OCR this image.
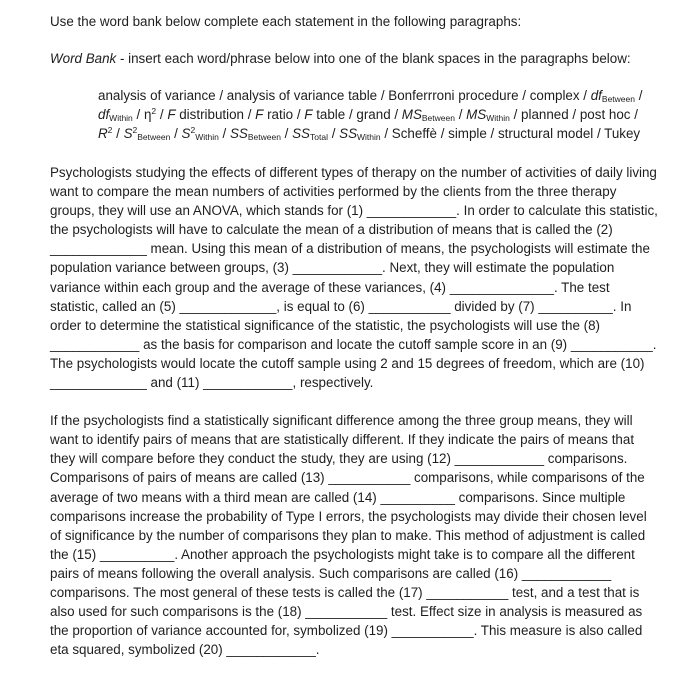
Use the word bank below complete each statement in the following paragraphs:

Word Bank - insert each word/phrase below into one of the blank spaces in the paragraphs below:

analysis of variance / analysis of variance table / Bonferrroni procedure / complex / $df_{Between} / df_{Within} / \eta^2$ / F distribution / F ratio / F table / grand / $MS_{Between} / MS_{Within}$ / planned / post hoc / $R^2 / S^2_{Between} / S^2_{Within} / SS_{Between} / SS_{Total} / SS_{Within}$ / Scheffè / simple / structural model / Tukey

Psychologists studying the effects of different types of therapy on the number of activities of daily living want to compare the mean numbers of activities performed by the clients from the three therapy groups, they will use an ANOVA, which stands for (1) ____________. In order to calculate this statistic, the psychologists will have to calculate the mean of a distribution of means that is called the (2) _____________ mean. Using this mean of a distribution of means, the psychologists will estimate the population variance between groups, (3) ____________. Next, they will estimate the population variance within each group and the average of these variances, (4) ______________. The test statistic, called an (5) _____________, is equal to (6) ___________ divided by (7) __________. In order to determine the statistical significance of the statistic, the psychologists will use the (8) ____________ as the basis for comparison and locate the cutoff sample score in an (9) ___________. The psychologists would locate the cutoff sample using 2 and 15 degrees of freedom, which are (10) _____________ and (11) ____________, respectively.

If the psychologists find a statistically significant difference among the three group means, they will want to identify pairs of means that are statistically different. If they indicate the pairs of means that they will compare before they conduct the study, they are using (12) ____________ comparisons. Comparisons of pairs of means are called (13) ___________ comparisons, while comparisons of the average of two means with a third mean are called (14) __________ comparisons. Since multiple comparisons increase the probability of Type I errors, the psychologists may divide their chosen level of significance by the number of comparisons they plan to make. This method of adjustment is called the (15) __________. Another approach the psychologists might take is to compare all the different pairs of means following the overall analysis. Such comparisons are called (16) ____________ comparisons. The most general of these tests is called the (17) ___________ test, and a test that is also used for such comparisons is the (18) ___________ test. Effect size in analysis is measured as the proportion of variance accounted for, symbolized (19) ___________. This measure is also called eta squared, symbolized (20) ____________.
